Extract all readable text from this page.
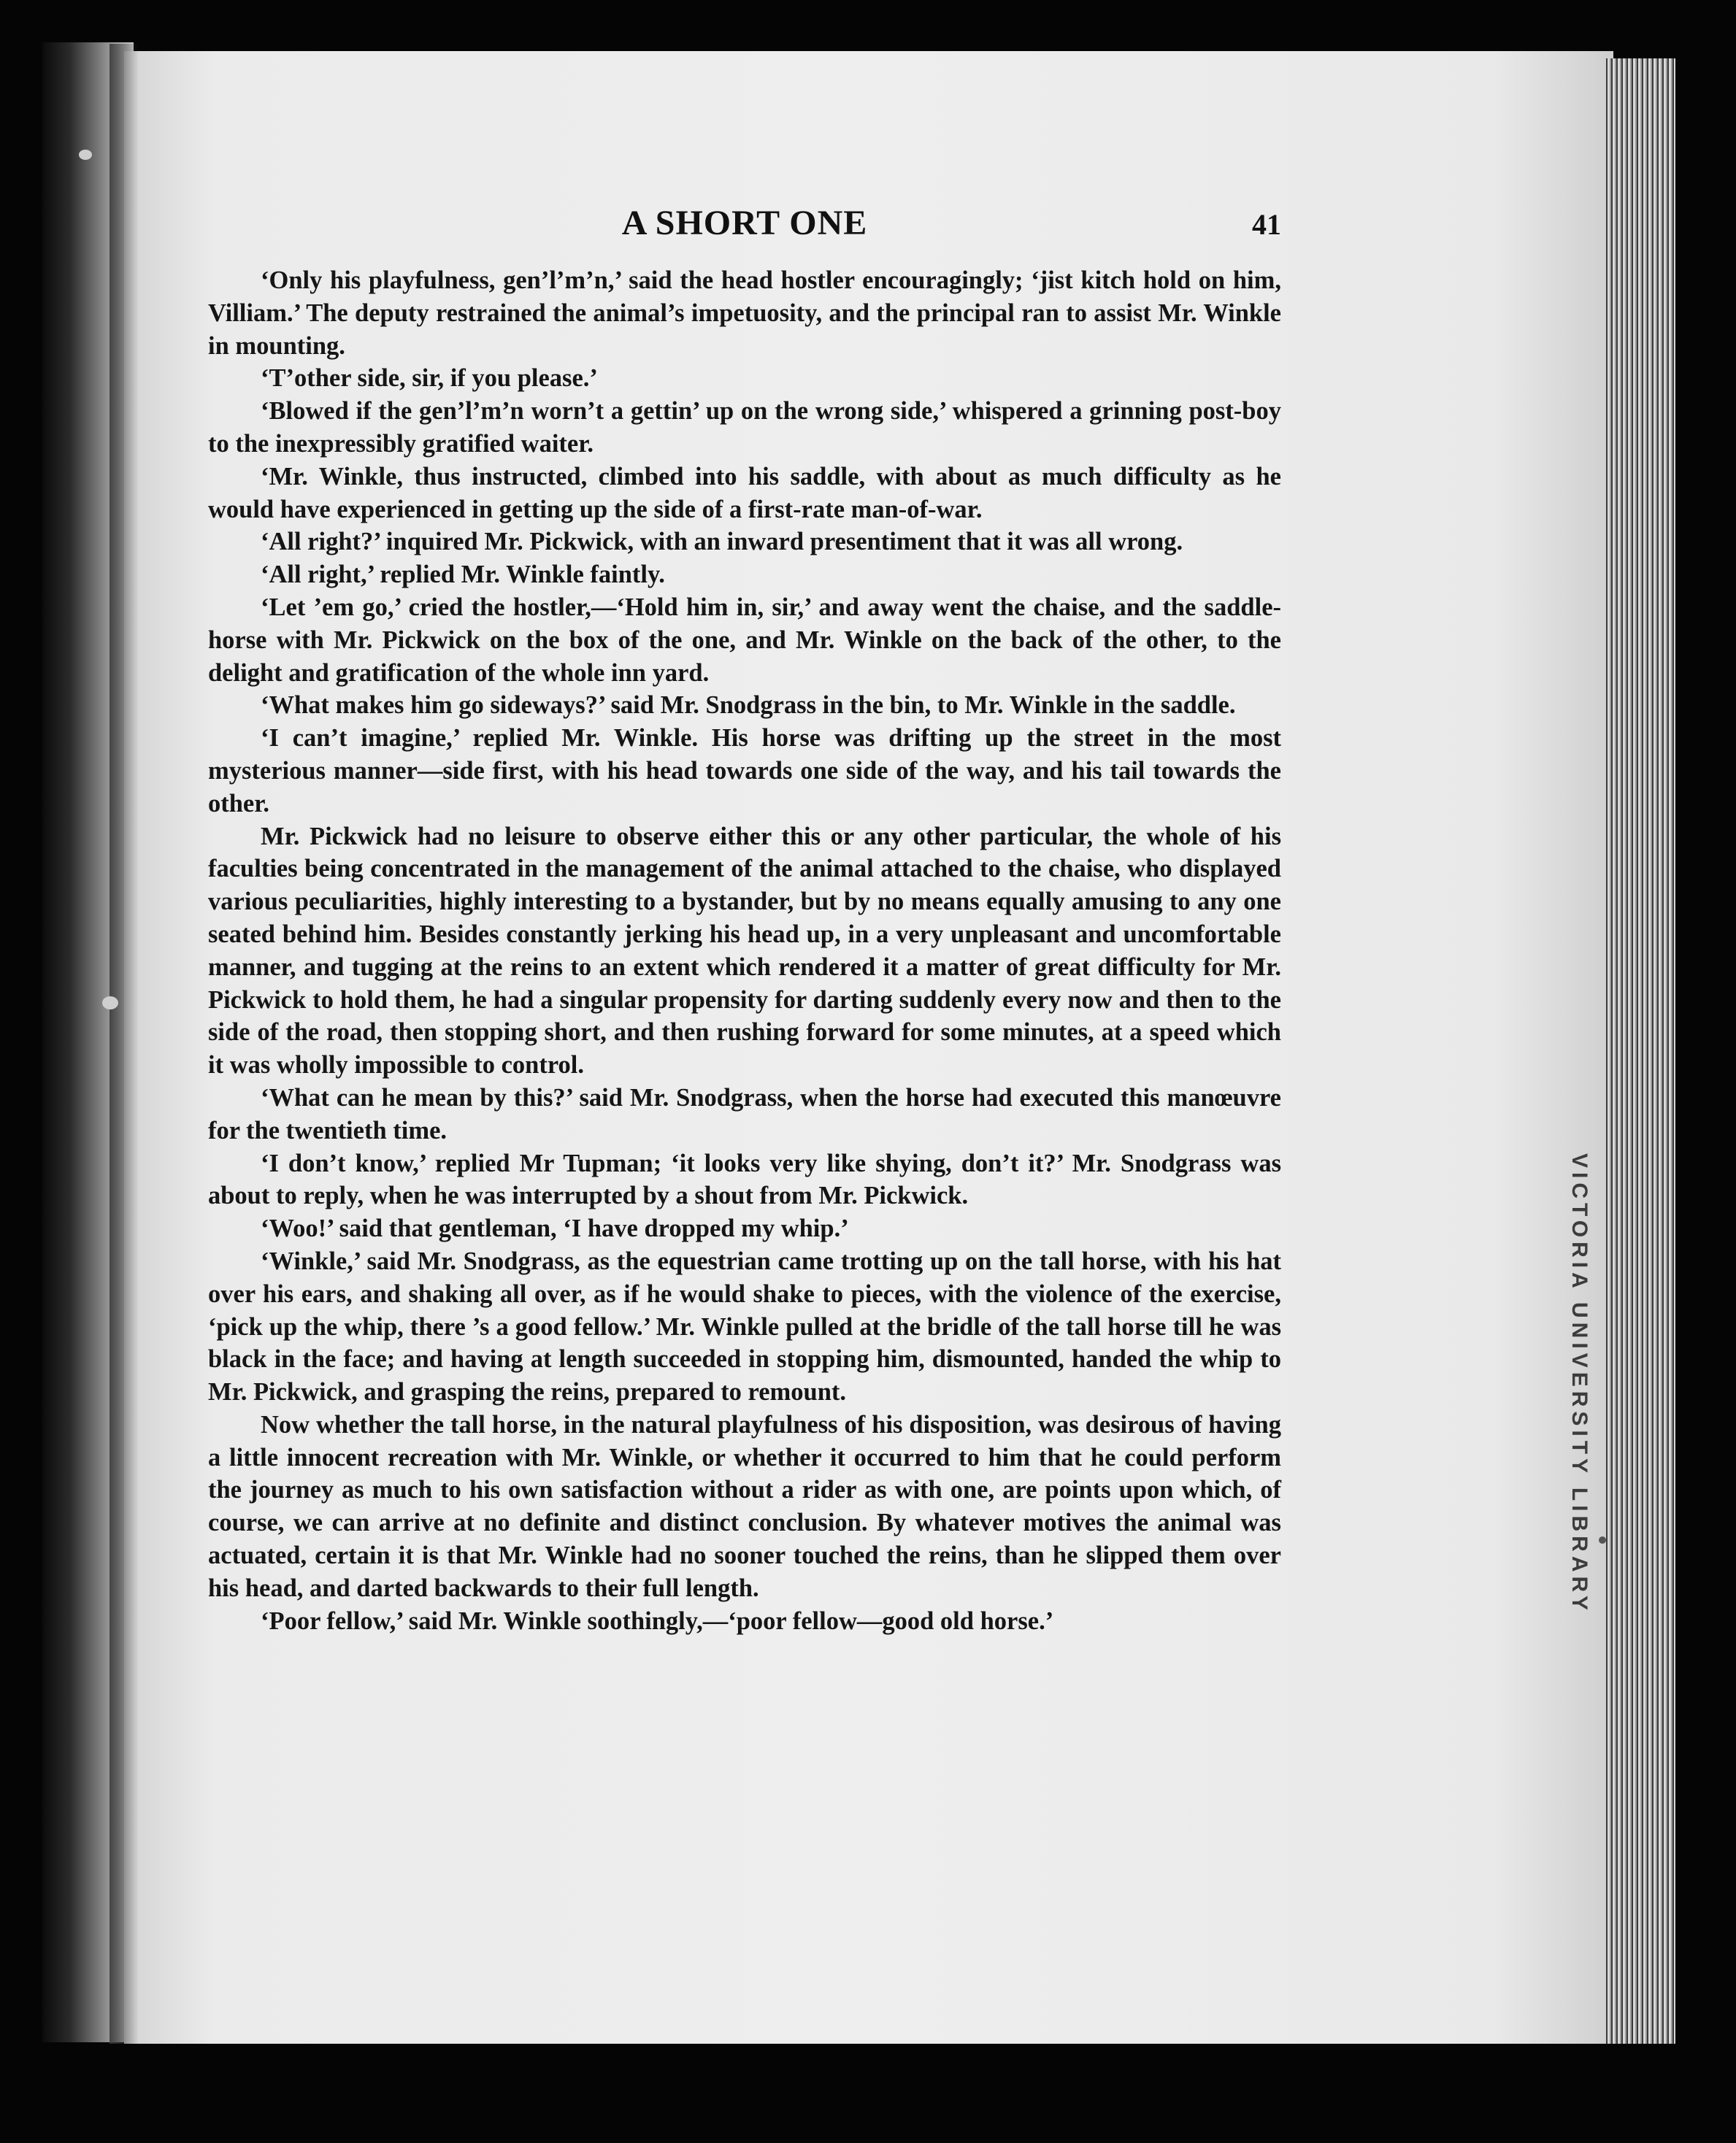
VICTORIA UNIVERSITY LIBRARY
A SHORT ONE	41

‘Only his playfulness, gen’l’m’n,’ said the head hostler encouragingly; ‘jist kitch hold on him, Villiam.’ The deputy restrained the animal’s impetuosity, and the principal ran to assist Mr. Winkle in mounting.

‘T’other side, sir, if you please.’

‘Blowed if the gen’l’m’n worn’t a gettin’ up on the wrong side,’ whispered a grinning post-boy to the inexpressibly gratified waiter.

‘Mr. Winkle, thus instructed, climbed into his saddle, with about as much difficulty as he would have experienced in getting up the side of a first-rate man-of-war.

‘All right?’ inquired Mr. Pickwick, with an inward presentiment that it was all wrong.

‘All right,’ replied Mr. Winkle faintly.

‘Let ’em go,’ cried the hostler,—‘Hold him in, sir,’ and away went the chaise, and the saddle-horse with Mr. Pickwick on the box of the one, and Mr. Winkle on the back of the other, to the delight and gratification of the whole inn yard.

‘What makes him go sideways?’ said Mr. Snodgrass in the bin, to Mr. Winkle in the saddle.

‘I can’t imagine,’ replied Mr. Winkle. His horse was drifting up the street in the most mysterious manner—side first, with his head towards one side of the way, and his tail towards the other.

Mr. Pickwick had no leisure to observe either this or any other particular, the whole of his faculties being concentrated in the management of the animal attached to the chaise, who displayed various peculiarities, highly interesting to a bystander, but by no means equally amusing to any one seated behind him. Besides constantly jerking his head up, in a very unpleasant and uncomfortable manner, and tugging at the reins to an extent which rendered it a matter of great difficulty for Mr. Pickwick to hold them, he had a singular propensity for darting suddenly every now and then to the side of the road, then stopping short, and then rushing forward for some minutes, at a speed which it was wholly impossible to control.

‘What can he mean by this?’ said Mr. Snodgrass, when the horse had executed this manœuvre for the twentieth time.

‘I don’t know,’ replied Mr Tupman; ‘it looks very like shying, don’t it?’ Mr. Snodgrass was about to reply, when he was interrupted by a shout from Mr. Pickwick.

‘Woo!’ said that gentleman, ‘I have dropped my whip.’

‘Winkle,’ said Mr. Snodgrass, as the equestrian came trotting up on the tall horse, with his hat over his ears, and shaking all over, as if he would shake to pieces, with the violence of the exercise, ‘pick up the whip, there ’s a good fellow.’ Mr. Winkle pulled at the bridle of the tall horse till he was black in the face; and having at length succeeded in stopping him, dismounted, handed the whip to Mr. Pickwick, and grasping the reins, prepared to remount.

Now whether the tall horse, in the natural playfulness of his disposition, was desirous of having a little innocent recreation with Mr. Winkle, or whether it occurred to him that he could perform the journey as much to his own satisfaction without a rider as with one, are points upon which, of course, we can arrive at no definite and distinct conclusion. By whatever motives the animal was actuated, certain it is that Mr. Winkle had no sooner touched the reins, than he slipped them over his head, and darted backwards to their full length.

‘Poor fellow,’ said Mr. Winkle soothingly,—‘poor fellow—good old horse.’
